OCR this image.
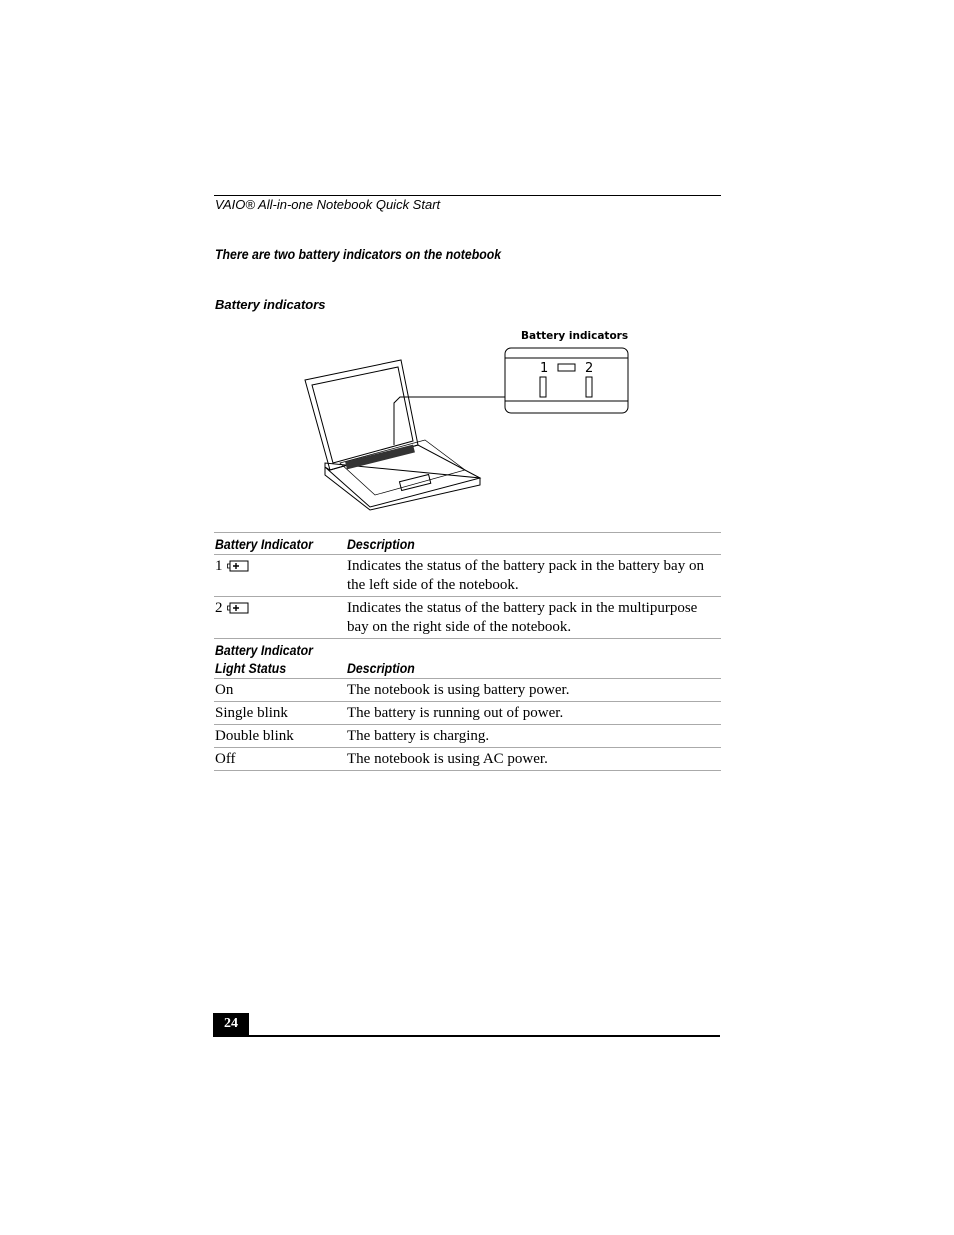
VAIO® All-in-one Notebook Quick Start
There are two battery indicators on the notebook
Battery indicators
Battery indicators
1	2
Battery Indicator	Description
1	Indicates the status of the battery pack in the battery bay on the left side of the notebook.
2	Indicates the status of the battery pack in the multipurpose bay on the right side of the notebook.
Battery Indicator
Light Status	Description
On	The notebook is using battery power.
Single blink	The battery is running out of power.
Double blink	The battery is charging.
Off	The notebook is using AC power.
24
